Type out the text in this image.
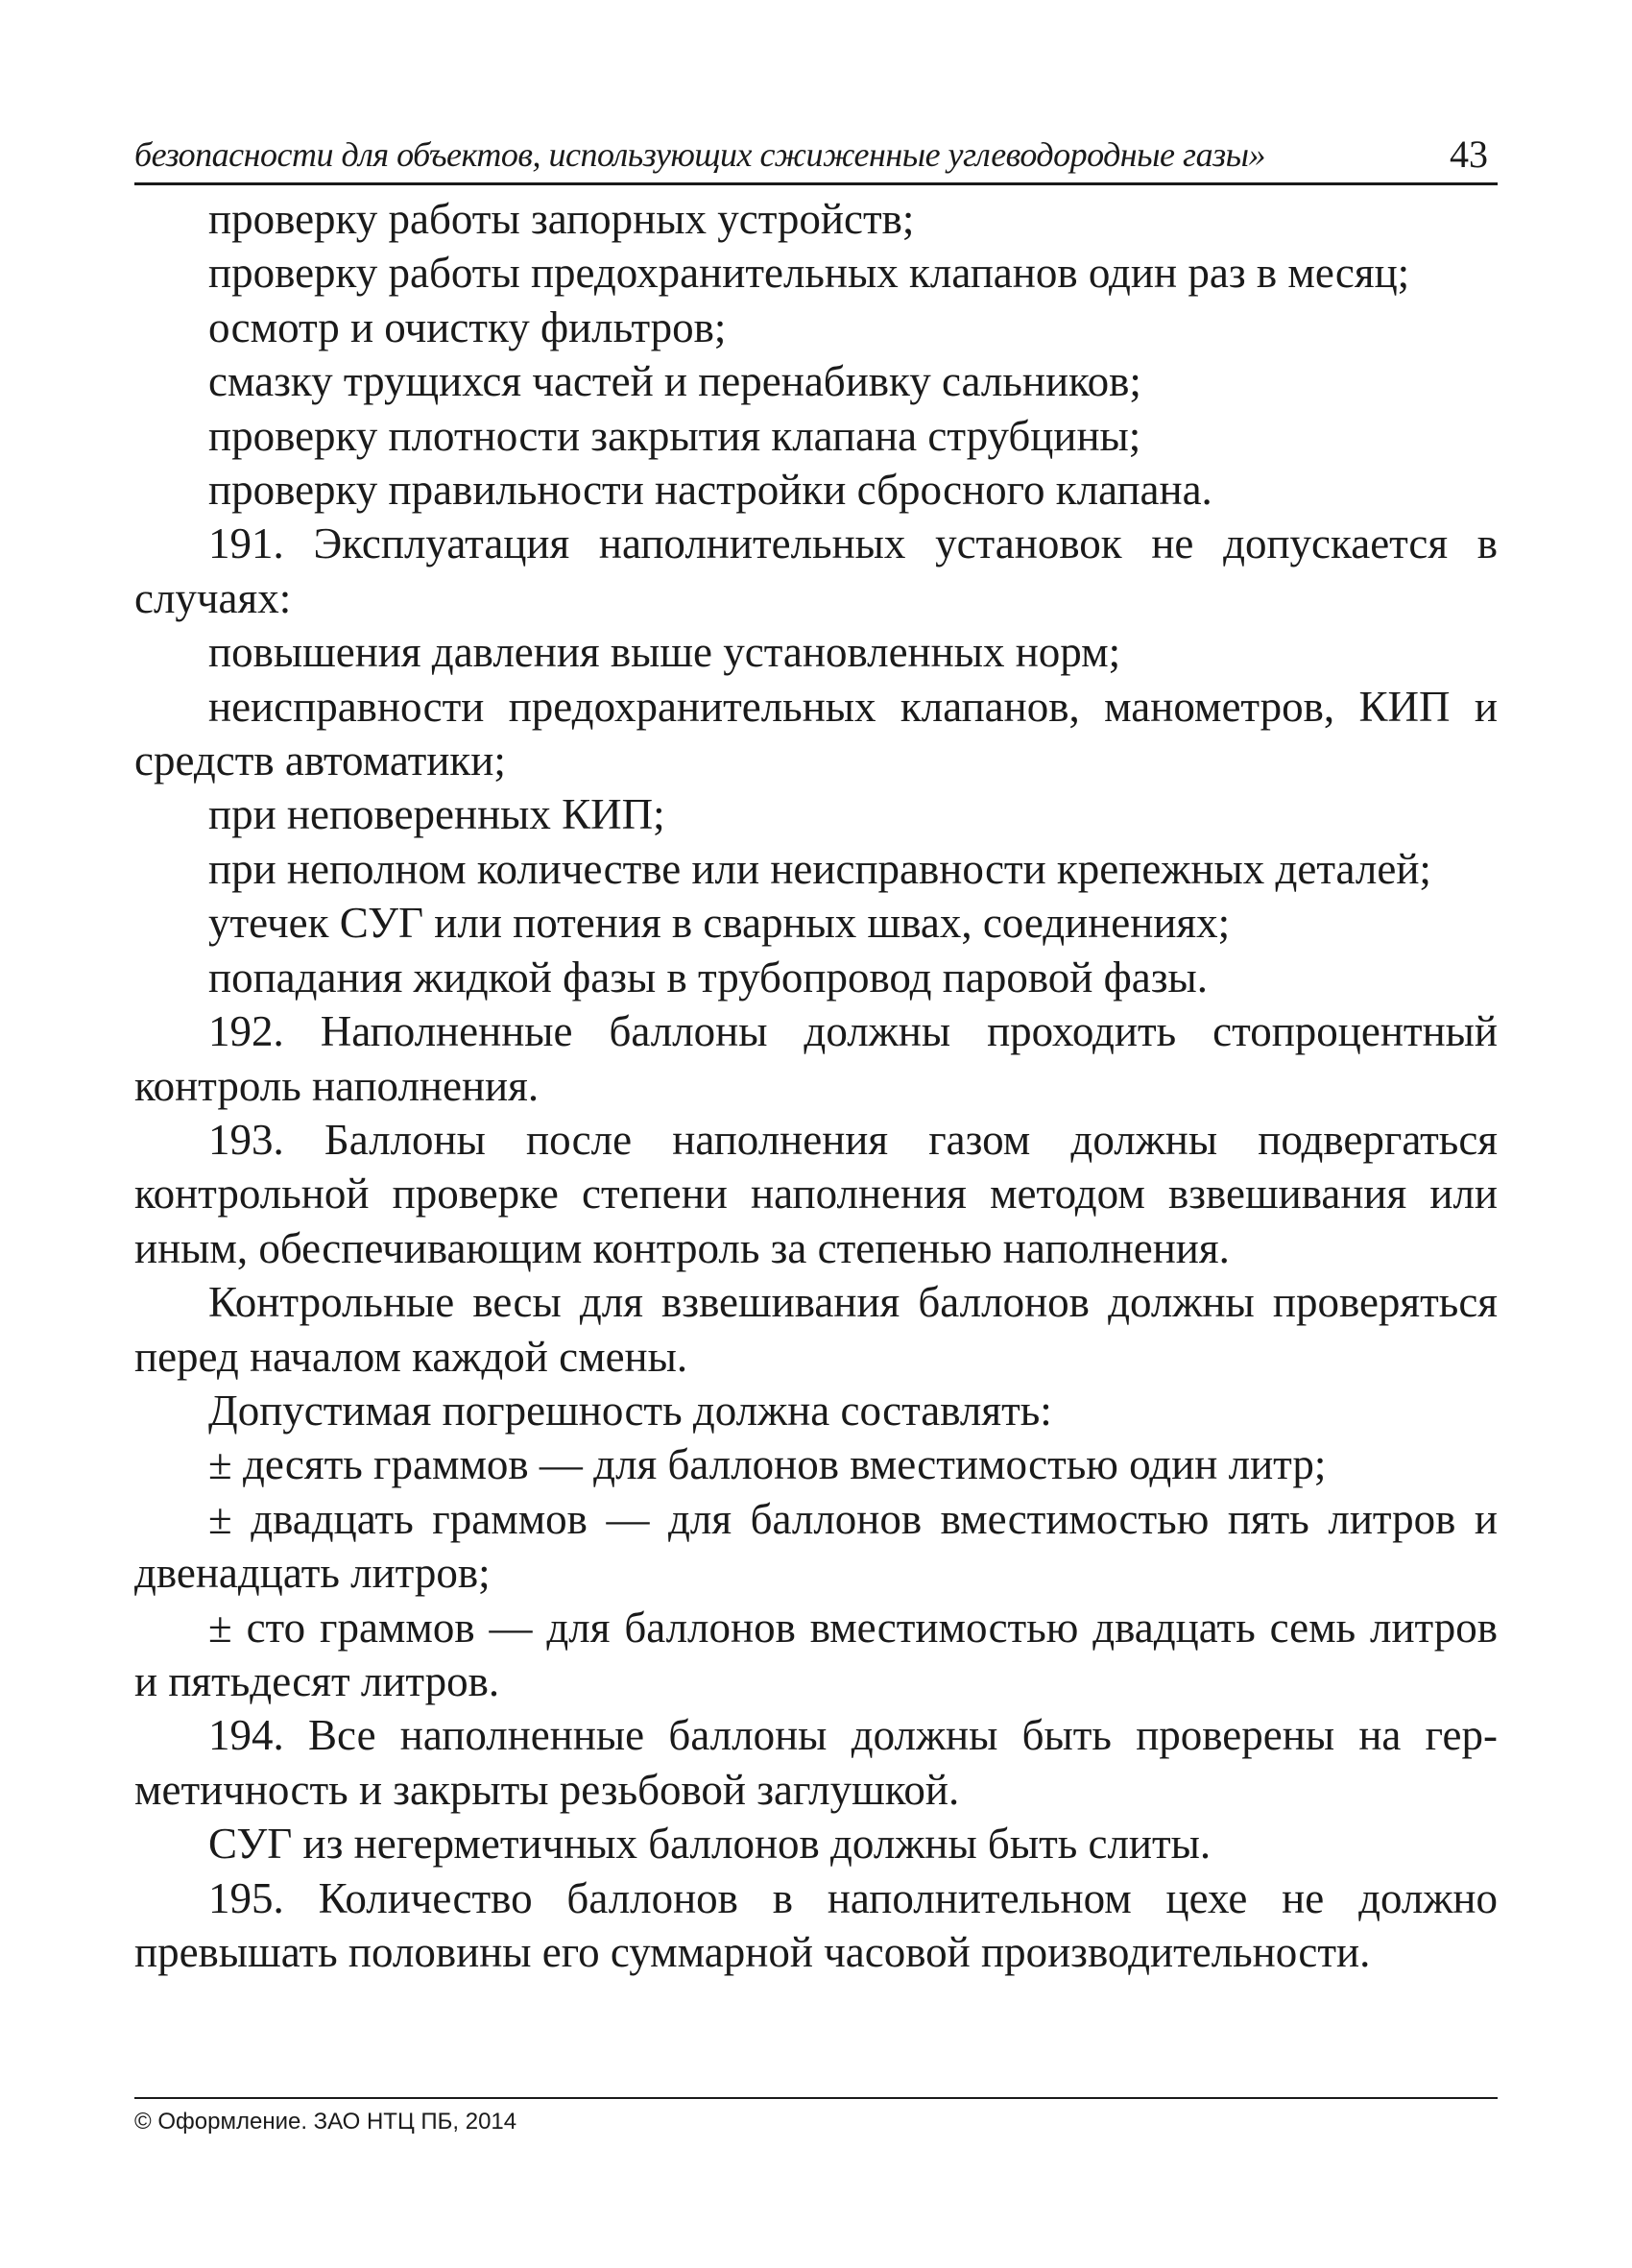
безопасности для объектов, использующих сжиженные углеводородные газы»	43

проверку работы запорных устройств;

проверку работы предохранительных клапанов один раз в месяц;

осмотр и очистку фильтров;

смазку трущихся частей и перенабивку сальников;

проверку плотности закрытия клапана струбцины;

проверку правильности настройки сбросного клапана.

191. Эксплуатация наполнительных установок не допускается в случаях:

повышения давления выше установленных норм;

неисправности предохранительных клапанов, манометров, КИП и средств автоматики;

при неповеренных КИП;

при неполном количестве или неисправности крепежных деталей;

утечек СУГ или потения в сварных швах, соединениях;

попадания жидкой фазы в трубопровод паровой фазы.

192. Наполненные баллоны должны проходить стопроцентный контроль наполнения.

193. Баллоны после наполнения газом должны подвергаться контрольной проверке степени наполнения методом взвешивания или иным, обеспечивающим контроль за степенью наполнения.

Контрольные весы для взвешивания баллонов должны проверяться перед началом каждой смены.

Допустимая погрешность должна составлять:

± десять граммов — для баллонов вместимостью один литр;

± двадцать граммов — для баллонов вместимостью пять литров и двенадцать литров;

± сто граммов — для баллонов вместимостью двадцать семь литров и пятьдесят литров.

194. Все наполненные баллоны должны быть проверены на герметичность и закрыты резьбовой заглушкой.

СУГ из негерметичных баллонов должны быть слиты.

195. Количество баллонов в наполнительном цехе не должно превышать половины его суммарной часовой производительности.

© Оформление. ЗАО НТЦ ПБ, 2014
